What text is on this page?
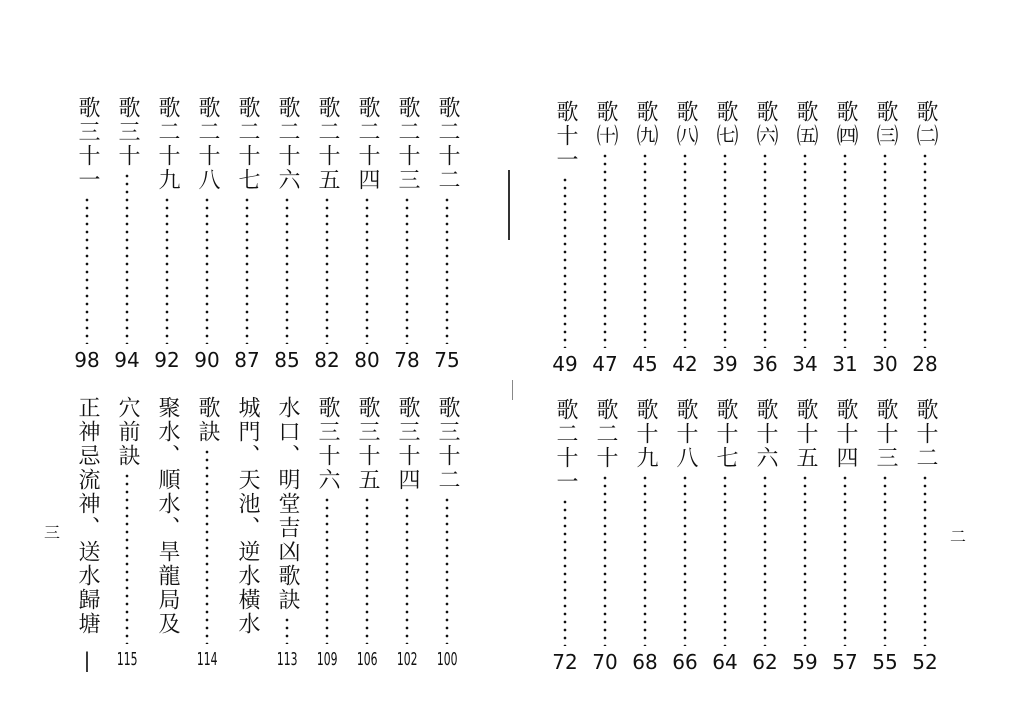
三	二
歌三十一
98
歌三十
94
歌二十九
92
歌二十八
90
歌二十七
87
歌二十六
85
歌二十五
82
歌二十四
80
歌二十三
78
歌二十二
75
正神忌流神、送水歸塘
|
穴前訣
115
聚水、順水、旱龍局及 歌訣
114
城門、天池、逆水橫水 水口、明堂吉凶歌訣
113
歌三十六
109
歌三十五
106
歌三十四
102
歌三十二
100
歌十一
49
歌㈩
47
歌㈨
45
歌㈧
42
歌㈦
39
歌㈥
36
歌㈤
34
歌㈣
31
歌㈢
30
歌㈡
28
歌二十一
72
歌二十
70
歌十九
68
歌十八
66
歌十七
64
歌十六
62
歌十五
59
歌十四
57
歌十三
55
歌十二
52
